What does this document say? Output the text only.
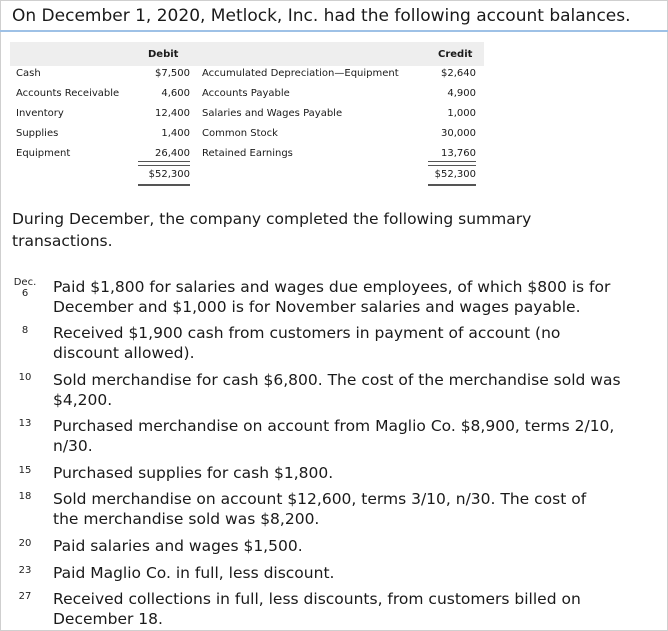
On December 1, 2020, Metlock, Inc. had the following account balances.
Debit	Credit
Cash	$7,500 Accumulated Depreciation—Equipment	$2,640
Accounts Receivable	4,600 Accounts Payable	4,900
Inventory	12,400 Salaries and Wages Payable	1,000
Supplies	1,400 Common Stock	30,000
Equipment	26,400 Retained Earnings	13,760
$52,300	$52,300
During December, the company completed the following summary transactions.
Dec.
6	Paid $1,800 for salaries and wages due employees, of which $800 is for
December and $1,000 is for November salaries and wages payable.
8	Received $1,900 cash from customers in payment of account (no
discount allowed).
10	Sold merchandise for cash $6,800. The cost of the merchandise sold was
$4,200.
13	Purchased merchandise on account from Maglio Co. $8,900, terms 2/10,
n/30.
15	Purchased supplies for cash $1,800.
18	Sold merchandise on account $12,600, terms 3/10, n/30. The cost of
the merchandise sold was $8,200.
20	Paid salaries and wages $1,500.
23	Paid Maglio Co. in full, less discount.
27	Received collections in full, less discounts, from customers billed on
December 18.
